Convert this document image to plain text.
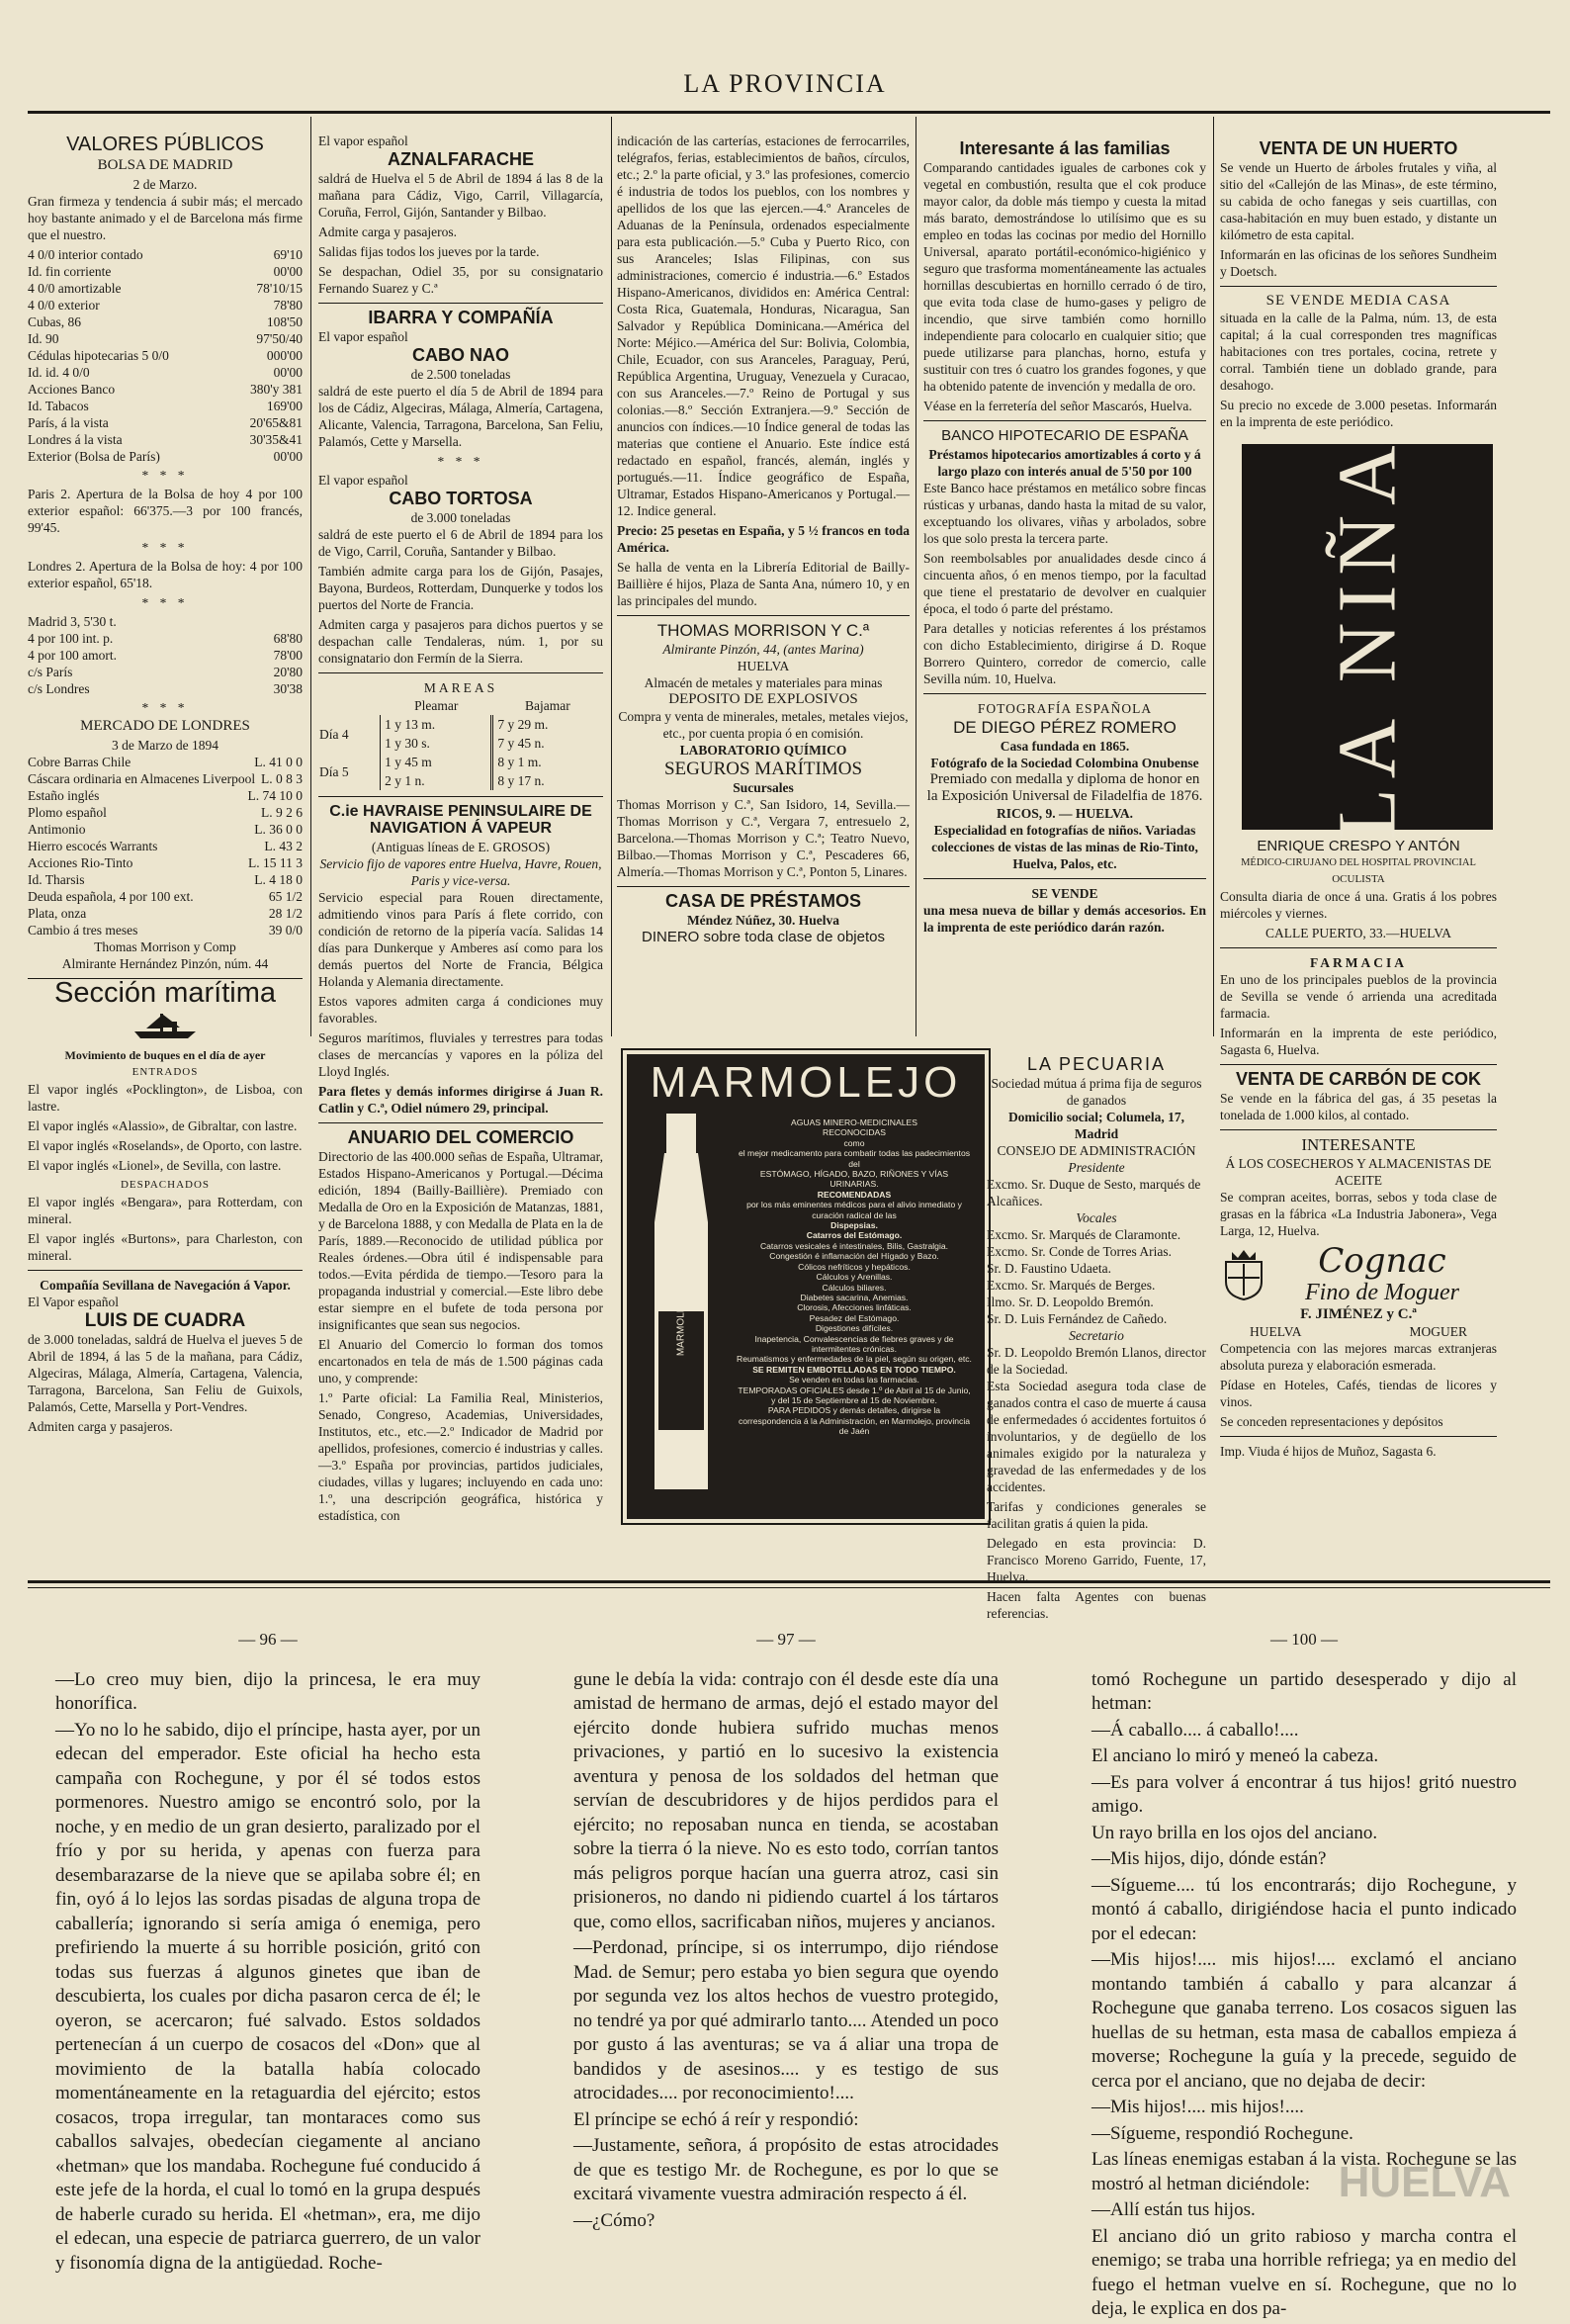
LA PROVINCIA
VALORES PÚBLICOS
BOLSA DE MADRID
2 de Marzo.

Gran firmeza y tendencia á subir más; el mercado hoy bastante animado y el de Barcelona más firme que el nuestro.

4 0/0 interior contado	69'10
Id. fin corriente	00'00
4 0/0 amortizable	78'10/15
4 0/0 exterior	78'80
Cubas, 86	108'50
Id. 90	97'50/40
Cédulas hipotecarias 5 0/0	000'00
Id. id. 4 0/0	00'00
Acciones Banco	380'y 381
Id. Tabacos	169'00
París, á la vista	20'65&81
Londres á la vista	30'35&41
Exterior (Bolsa de París)	00'00
* * *

Paris 2. Apertura de la Bolsa de hoy 4 por 100 exterior español: 66'375.—3 por 100 francés, 99'45.

* * *

Londres 2. Apertura de la Bolsa de hoy: 4 por 100 exterior español, 65'18.

* * *
Madrid 3, 5'30 t.
4 por 100 int. p.	68'80
4 por 100 amort.	78'00
c/s París	20'80
c/s Londres	30'38
* * *
MERCADO DE LONDRES
3 de Marzo de 1894
Cobre Barras Chile	L. 41 0 0
Cáscara ordinaria en Almacenes Liverpool L. 0 8 3
Estaño inglés	L. 74 10 0
Plomo español	L. 9 2 6
Antimonio	L. 36 0 0
Hierro escocés Warrants	L. 43 2
Acciones Rio-Tinto	L. 15 11 3
Id. Tharsis	L. 4 18 0
Deuda española, 4 por 100 ext.	65 1/2
Plata, onza	28 1/2
Cambio á tres meses	39 0/0
Thomas Morrison y Comp
Almirante Hernández Pinzón, núm. 44
Sección marítima
Movimiento de buques en el día de ayer
ENTRADOS

El vapor inglés «Pocklington», de Lisboa, con lastre.

El vapor inglés «Alassio», de Gibraltar, con lastre.

El vapor inglés «Roselands», de Oporto, con lastre.

El vapor inglés «Lionel», de Sevilla, con lastre.

DESPACHADOS

El vapor inglés «Bengara», para Rotterdam, con mineral.

El vapor inglés «Burtons», para Charleston, con mineral.

Compañía Sevillana de Navegación á Vapor.
El Vapor español
LUIS DE CUADRA

de 3.000 toneladas, saldrá de Huelva el jueves 5 de Abril de 1894, á las 5 de la mañana, para Cádiz, Algeciras, Málaga, Almería, Cartagena, Valencia, Tarragona, Barcelona, San Feliu de Guixols, Palamós, Cette, Marsella y Port-Vendres.

Admiten carga y pasajeros.

El vapor español
AZNALFARACHE

saldrá de Huelva el 5 de Abril de 1894 á las 8 de la mañana para Cádiz, Vigo, Carril, Villagarcía, Coruña, Ferrol, Gijón, Santander y Bilbao.

Admite carga y pasajeros.

Salidas fijas todos los jueves por la tarde.

Se despachan, Odiel 35, por su consignatario Fernando Suarez y C.ª

IBARRA Y COMPAÑÍA
El vapor español
CABO NAO
de 2.500 toneladas

saldrá de este puerto el día 5 de Abril de 1894 para los de Cádiz, Algeciras, Málaga, Almería, Cartagena, Alicante, Valencia, Tarragona, Barcelona, San Feliu, Palamós, Cette y Marsella.

* * *
El vapor español
CABO TORTOSA
de 3.000 toneladas

saldrá de este puerto el 6 de Abril de 1894 para los de Vigo, Carril, Coruña, Santander y Bilbao.

También admite carga para los de Gijón, Pasajes, Bayona, Burdeos, Rotterdam, Dunquerke y todos los puertos del Norte de Francia.

Admiten carga y pasajeros para dichos puertos y se despachan calle Tendaleras, núm. 1, por su consignatario don Fermín de la Sierra.

MAREAS
	Pleamar	Bajamar
Día 4	1 y 13 m.	7 y 29 m.
	1 y 30 s.	7 y 45 n.
Día 5	1 y 45 m	8 y 1 m.
	2 y 1 n.	8 y 17 n.
C.ie HAVRAISE PENINSULAIRE DE NAVIGATION Á VAPEUR
(Antiguas líneas de E. GROSOS)
Servicio fijo de vapores entre Huelva, Havre, Rouen, Paris y vice-versa.

Servicio especial para Rouen directamente, admitiendo vinos para París á flete corrido, con condición de retorno de la pipería vacía. Salidas 14 días para Dunkerque y Amberes así como para los demás puertos del Norte de Francia, Bélgica Holanda y Alemania directamente.

Estos vapores admiten carga á condiciones muy favorables.

Seguros marítimos, fluviales y terrestres para todas clases de mercancías y vapores en la póliza del Lloyd Inglés.

Para fletes y demás informes dirigirse á Juan R. Catlin y C.ª, Odiel número 29, principal.

ANUARIO DEL COMERCIO

Directorio de las 400.000 señas de España, Ultramar, Estados Hispano-Americanos y Portugal.—Décima edición, 1894 (Bailly-Baillière). Premiado con Medalla de Oro en la Exposición de Matanzas, 1881, y de Barcelona 1888, y con Medalla de Plata en la de París, 1889.—Reconocido de utilidad pública por Reales órdenes.—Obra útil é indispensable para todos.—Evita pérdida de tiempo.—Tesoro para la propaganda industrial y comercial.—Este libro debe estar siempre en el bufete de toda persona por insignificantes que sean sus negocios.

El Anuario del Comercio lo forman dos tomos encartonados en tela de más de 1.500 páginas cada uno, y comprende:

1.º Parte oficial: La Familia Real, Ministerios, Senado, Congreso, Academias, Universidades, Institutos, etc., etc.—2.º Indicador de Madrid por apellidos, profesiones, comercio é industrias y calles.—3.º España por provincias, partidos judiciales, ciudades, villas y lugares; incluyendo en cada uno: 1.º, una descripción geográfica, histórica y estadística, con

indicación de las carterías, estaciones de ferrocarriles, telégrafos, ferias, establecimientos de baños, círculos, etc.; 2.º la parte oficial, y 3.º las profesiones, comercio é industria de todos los pueblos, con los nombres y apellidos de los que las ejercen.—4.º Aranceles de Aduanas de la Península, ordenados especialmente para esta publicación.—5.º Cuba y Puerto Rico, con sus Aranceles; Islas Filipinas, con sus administraciones, comercio é industria.—6.º Estados Hispano-Americanos, divididos en: América Central: Costa Rica, Guatemala, Honduras, Nicaragua, San Salvador y República Dominicana.—América del Norte: Méjico.—América del Sur: Bolivia, Colombia, Chile, Ecuador, con sus Aranceles, Paraguay, Perú, República Argentina, Uruguay, Venezuela y Curacao, con sus Aranceles.—7.º Reino de Portugal y sus colonias.—8.º Sección Extranjera.—9.º Sección de anuncios con índices.—10 Índice general de todas las materias que contiene el Anuario. Este índice está redactado en español, francés, alemán, inglés y portugués.—11. Índice geográfico de España, Ultramar, Estados Hispano-Americanos y Portugal.—12. Indice general.

Precio: 25 pesetas en España, y 5 ½ francos en toda América.

Se halla de venta en la Librería Editorial de Bailly-Baillière é hijos, Plaza de Santa Ana, número 10, y en las principales del mundo.

THOMAS MORRISON Y C.ª
Almirante Pinzón, 44, (antes Marina)
HUELVA
Almacén de metales y materiales para minas
DEPOSITO DE EXPLOSIVOS
Compra y venta de minerales, metales, metales viejos, etc., por cuenta propia ó en comisión.
LABORATORIO QUÍMICO
SEGUROS MARÍTIMOS
Sucursales

Thomas Morrison y C.ª, San Isidoro, 14, Sevilla.—Thomas Morrison y C.ª, Vergara 7, entresuelo 2, Barcelona.—Thomas Morrison y C.ª; Teatro Nuevo, Bilbao.—Thomas Morrison y C.ª, Pescaderes 66, Almería.—Thomas Morrison y C.ª, Ponton 5, Linares.

CASA DE PRÉSTAMOS
Méndez Núñez, 30. Huelva
DINERO sobre toda clase de objetos
MARMOLEJO
MARMOLEJO
AGUAS MINERO-MEDICINALES
RECONOCIDAS
como
el mejor medicamento para combatir todas las padecimientos del
ESTÓMAGO, HÍGADO, BAZO, RIÑONES Y VÍAS URINARIAS.
RECOMENDADAS
por los más eminentes médicos para el alivio inmediato y curación radical de las
Dispepsias.
Catarros del Estómago.
Catarros vesicales é intestinales, Bilis, Gastralgia.
Congestión é inflamación del Hígado y Bazo.
Cólicos nefríticos y hepáticos.
Cálculos y Arenillas.
Cálculos biliares.
Diabetes sacarina, Anemias.
Clorosis, Afecciones linfáticas.
Pesadez del Estómago.
Digestiones difíciles.
Inapetencia, Convalescencias de fiebres graves y de intermitentes crónicas.
Reumatismos y enfermedades de la piel, según su origen, etc.
SE REMITEN EMBOTELLADAS EN TODO TIEMPO.
Se venden en todas las farmacias.
TEMPORADAS OFICIALES desde 1.º de Abril al 15 de Junio, y del 15 de Septiembre al 15 de Noviembre.
PARA PEDIDOS y demás detalles, dirigirse la correspondencia á la Administración, en Marmolejo, provincia de Jaén
Interesante á las familias

Comparando cantidades iguales de carbones cok y vegetal en combustión, resulta que el cok produce mayor calor, da doble más tiempo y cuesta la mitad más barato, demostrándose lo utilísimo que es su empleo en todas las cocinas por medio del Hornillo Universal, aparato portátil-económico-higiénico y seguro que trasforma momentáneamente las actuales hornillas descubiertas en hornillo cerrado ó de tiro, que evita toda clase de humo-gases y peligro de incendio, que sirve también como hornillo independiente para colocarlo en cualquier sitio; que puede utilizarse para planchas, horno, estufa y sustituir con tres ó cuatro los grandes fogones, y que ha obtenido patente de invención y medalla de oro.

Véase en la ferretería del señor Mascarós, Huelva.

BANCO HIPOTECARIO DE ESPAÑA
Préstamos hipotecarios amortizables á corto y á largo plazo con interés anual de 5'50 por 100

Este Banco hace préstamos en metálico sobre fincas rústicas y urbanas, dando hasta la mitad de su valor, exceptuando los olivares, viñas y arbolados, sobre los que solo presta la tercera parte.

Son reembolsables por anualidades desde cinco á cincuenta años, ó en menos tiempo, por la facultad que tiene el prestatario de devolver en cualquier época, el todo ó parte del préstamo.

Para detalles y noticias referentes á los préstamos con dicho Establecimiento, dirigirse á D. Roque Borrero Quintero, corredor de comercio, calle Sevilla núm. 10, Huelva.

FOTOGRAFÍA ESPAÑOLA
DE DIEGO PÉREZ ROMERO
Casa fundada en 1865.
Fotógrafo de la Sociedad Colombina Onubense
Premiado con medalla y diploma de honor en la Exposición Universal de Filadelfia de 1876.
RICOS, 9. — HUELVA.
Especialidad en fotografías de niños. Variadas colecciones de vistas de las minas de Rio-Tinto, Huelva, Palos, etc.
SE VENDE

una mesa nueva de billar y demás accesorios. En la imprenta de este periódico darán razón.

LA PECUARIA
Sociedad mútua á prima fija de seguros de ganados
Domicilio social; Columela, 17, Madrid
CONSEJO DE ADMINISTRACIÓN
Presidente
Excmo. Sr. Duque de Sesto, marqués de Alcañices.
Vocales
Excmo. Sr. Marqués de Claramonte.
Excmo. Sr. Conde de Torres Arias.
Sr. D. Faustino Udaeta.
Excmo. Sr. Marqués de Berges.
Ilmo. Sr. D. Leopoldo Bremón.
Sr. D. Luis Fernández de Cañedo.
Secretario
Sr. D. Leopoldo Bremón Llanos, director de la Sociedad.

Esta Sociedad asegura toda clase de ganados contra el caso de muerte á causa de enfermedades ó accidentes fortuitos ó involuntarios, y de degüello de los animales exigido por la naturaleza y gravedad de las enfermedades y de los accidentes.

Tarifas y condiciones generales se facilitan gratis á quien la pida.

Delegado en esta provincia: D. Francisco Moreno Garrido, Fuente, 17, Huelva.

Hacen falta Agentes con buenas referencias.

VENTA DE UN HUERTO

Se vende un Huerto de árboles frutales y viña, al sitio del «Callejón de las Minas», de este término, su cabida de ocho fanegas y seis cuartillas, con casa-habitación en muy buen estado, y distante un kilómetro de esta capital.

Informarán en las oficinas de los señores Sundheim y Doetsch.

SE VENDE MEDIA CASA

situada en la calle de la Palma, núm. 13, de esta capital; á la cual corresponden tres magníficas habitaciones con tres portales, cocina, retrete y corral. También tiene un doblado grande, para desahogo.

Su precio no excede de 3.000 pesetas. Informarán en la imprenta de este periódico.

LA NIÑA
ENRIQUE CRESPO Y ANTÓN
MÉDICO-CIRUJANO DEL HOSPITAL PROVINCIAL
OCULISTA

Consulta diaria de once á una. Gratis á los pobres miércoles y viernes.

CALLE PUERTO, 33.—HUELVA
FARMACIA

En uno de los principales pueblos de la provincia de Sevilla se vende ó arrienda una acreditada farmacia.

Informarán en la imprenta de este periódico, Sagasta 6, Huelva.

VENTA DE CARBÓN DE COK

Se vende en la fábrica del gas, á 35 pesetas la tonelada de 1.000 kilos, al contado.

INTERESANTE
Á LOS COSECHEROS Y ALMACENISTAS DE ACEITE

Se compran aceites, borras, sebos y toda clase de grasas en la fábrica «La Industria Jabonera», Vega Larga, 12, Huelva.

Cognac
Fino de Moguer
F. JIMÉNEZ y C.ª
HUELVA	MOGUER

Competencia con las mejores marcas extranjeras absoluta pureza y elaboración esmerada.

Pídase en Hoteles, Cafés, tiendas de licores y vinos.

Se conceden representaciones y depósitos

Imp. Viuda é hijos de Muñoz, Sagasta 6.
— 96 —

—Lo creo muy bien, dijo la princesa, le era muy honorífica.

—Yo no lo he sabido, dijo el príncipe, hasta ayer, por un edecan del emperador. Este oficial ha hecho esta campaña con Rochegune, y por él sé todos estos pormenores. Nuestro amigo se encontró solo, por la noche, y en medio de un gran desierto, paralizado por el frío y por su herida, y apenas con fuerza para desembarazarse de la nieve que se apilaba sobre él; en fin, oyó á lo lejos las sordas pisadas de alguna tropa de caballería; ignorando si sería amiga ó enemiga, pero prefiriendo la muerte á su horrible posición, gritó con todas sus fuerzas á algunos ginetes que iban de descubierta, los cuales por dicha pasaron cerca de él; le oyeron, se acercaron; fué salvado. Estos soldados pertenecían á un cuerpo de cosacos del «Don» que al movimiento de la batalla había colocado momentáneamente en la retaguardia del ejército; estos cosacos, tropa irregular, tan montaraces como sus caballos salvajes, obedecían ciegamente al anciano «hetman» que los mandaba. Rochegune fué conducido á este jefe de la horda, el cual lo tomó en la grupa después de haberle curado su herida. El «hetman», era, me dijo el edecan, una especie de patriarca guerrero, de un valor y fisonomía digna de la antigüedad. Roche-

— 97 —

gune le debía la vida: contrajo con él desde este día una amistad de hermano de armas, dejó el estado mayor del ejército donde hubiera sufrido muchas menos privaciones, y partió en lo sucesivo la existencia aventura y penosa de los soldados del hetman que servían de descubridores y de hijos perdidos para el ejército; no reposaban nunca en tienda, se acostaban sobre la tierra ó la nieve. No es esto todo, corrían tantos más peligros porque hacían una guerra atroz, casi sin prisioneros, no dando ni pidiendo cuartel á los tártaros que, como ellos, sacrificaban niños, mujeres y ancianos.

—Perdonad, príncipe, si os interrumpo, dijo riéndose Mad. de Semur; pero estaba yo bien segura que oyendo por segunda vez los altos hechos de vuestro protegido, no tendré ya por qué admirarlo tanto.... Atended un poco por gusto á las aventuras; se va á aliar una tropa de bandidos y de asesinos.... y es testigo de sus atrocidades.... por reconocimiento!....

El príncipe se echó á reír y respondió:

—Justamente, señora, á propósito de estas atrocidades de que es testigo Mr. de Rochegune, es por lo que se excitará vivamente vuestra admiración respecto á él.

—¿Cómo?

— 100 —

tomó Rochegune un partido desesperado y dijo al hetman:

—Á caballo.... á caballo!....

El anciano lo miró y meneó la cabeza.

—Es para volver á encontrar á tus hijos! gritó nuestro amigo.

Un rayo brilla en los ojos del anciano.

—Mis hijos, dijo, dónde están?

—Sígueme.... tú los encontrarás; dijo Rochegune, y montó á caballo, dirigiéndose hacia el punto indicado por el edecan:

—Mis hijos!.... mis hijos!.... exclamó el anciano montando también á caballo y para alcanzar á Rochegune que ganaba terreno. Los cosacos siguen las huellas de su hetman, esta masa de caballos empieza á moverse; Rochegune la guía y la precede, seguido de cerca por el anciano, que no dejaba de decir:

—Mis hijos!.... mis hijos!....

—Sígueme, respondió Rochegune.

Las líneas enemigas estaban á la vista. Rochegune se las mostró al hetman diciéndole:

—Allí están tus hijos.

El anciano dió un grito rabioso y marcha contra el enemigo; se traba una horrible refriega; ya en medio del fuego el hetman vuelve en sí. Rochegune, que no lo deja, le explica en dos pa-

HUELVA
